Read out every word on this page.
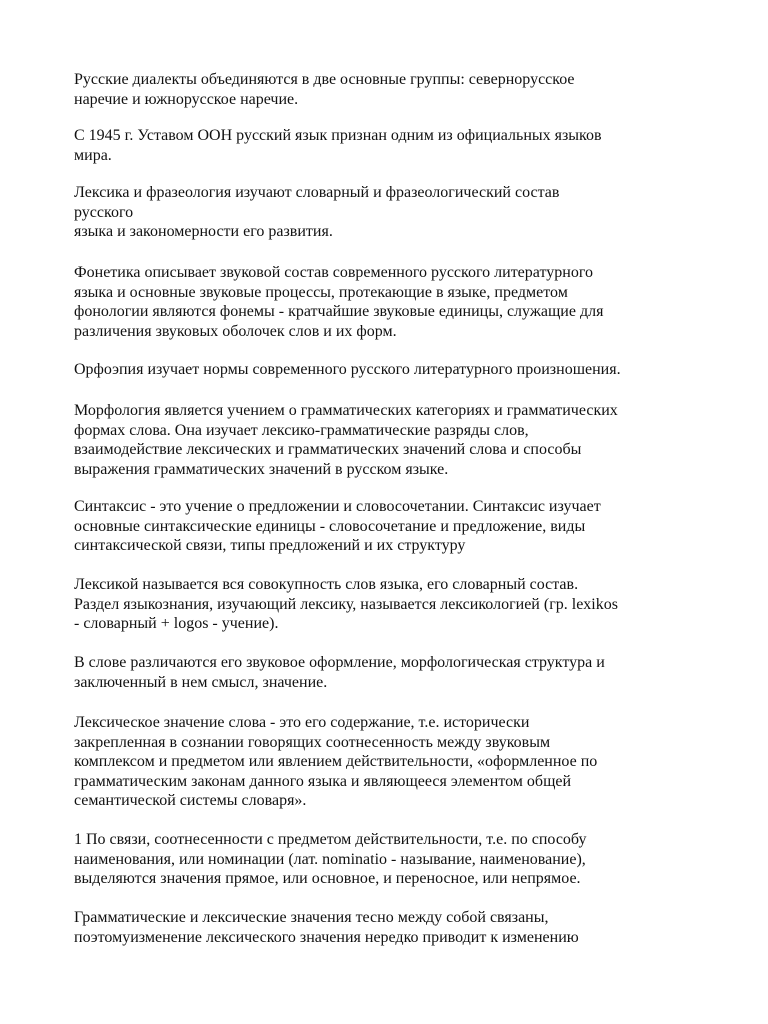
Русские диалекты объединяются в две основные группы: севернорусское
наречие и южнорусское наречие.

С 1945 г. Уставом ООН русский язык признан одним из официальных языков
мира.

Лексика и фразеология изучают словарный и фразеологический состав
русского
языка и закономерности его развития.

Фонетика описывает звуковой состав современного русского литературного
языка и основные звуковые процессы, протекающие в языке, предметом
фонологии являются фонемы - кратчайшие звуковые единицы, служащие для
различения звуковых оболочек слов и их форм.

Орфоэпия изучает нормы современного русского литературного произношения.

Морфология является учением о грамматических категориях и грамматических
формах слова. Она изучает лексико-грамматические разряды слов,
взаимодействие лексических и грамматических значений слова и способы
выражения грамматических значений в русском языке.

Синтаксис - это учение о предложении и словосочетании. Синтаксис изучает
основные синтаксические единицы - словосочетание и предложение, виды
синтаксической связи, типы предложений и их структуру

Лексикой называется вся совокупность слов языка, его словарный состав.
Раздел языкознания, изучающий лексику, называется лексикологией (гр. lexikos
- словарный + logos - учение).

В слове различаются его звуковое оформление, морфологическая структура и
заключенный в нем смысл, значение.

Лексическое значение слова - это его содержание, т.е. исторически
закрепленная в сознании говорящих соотнесенность между звуковым
комплексом и предметом или явлением действительности, «оформленное по
грамматическим законам данного языка и являющееся элементом общей
семантической системы словаря».

1 По связи, соотнесенности с предметом действительности, т.е. по способу
наименования, или номинации (лат. nominatio - называние, наименование),
выделяются значения прямое, или основное, и переносное, или непрямое.

Грамматические и лексические значения тесно между собой связаны,
поэтомуизменение лексического значения нередко приводит к изменению
